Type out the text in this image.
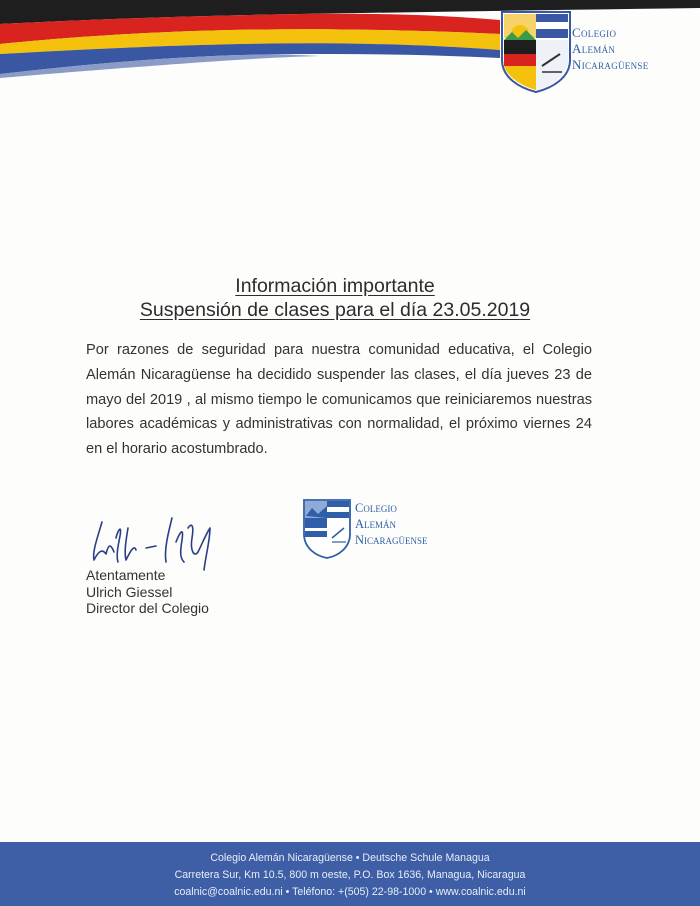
Colegio
Alemán
Nicaragüense
Información importante
Suspensión de clases para el día 23.05.2019
Por razones de seguridad para nuestra comunidad educativa, el Colegio Alemán Nicaragüense ha decidido suspender las clases, el día jueves 23 de mayo del 2019 , al mismo tiempo le comunicamos que reiniciaremos nuestras labores académicas y administrativas con normalidad, el próximo viernes 24 en el horario acostumbrado.
Atentamente
Ulrich Giessel
Director del Colegio
Colegio
Alemán
Nicaragüense
Colegio Alemán Nicaragüense • Deutsche Schule Managua
Carretera Sur, Km 10.5, 800 m oeste, P.O. Box 1636, Managua, Nicaragua
coalnic@coalnic.edu.ni • Teléfono: +(505) 22-98-1000 • www.coalnic.edu.ni
